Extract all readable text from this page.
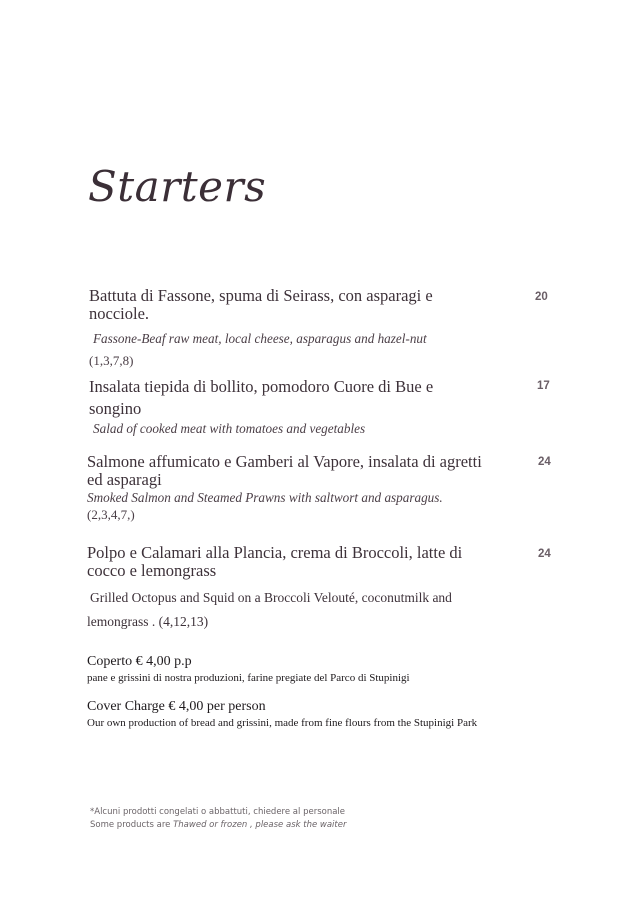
Starters
Battuta di Fassone, spuma di Seirass, con asparagi e nocciole.
Fassone-Beaf raw meat, local cheese, asparagus and hazel-nut
(1,3,7,8)
20
Insalata tiepida di bollito, pomodoro Cuore di Bue e songino
Salad of cooked meat with tomatoes and vegetables
17
Salmone affumicato e Gamberi al Vapore, insalata di agretti ed asparagi
Smoked Salmon and Steamed Prawns with saltwort and asparagus.
(2,3,4,7,)
24
Polpo e Calamari alla Plancia, crema di Broccoli, latte di cocco e lemongrass
Grilled Octopus and Squid on a Broccoli Velouté, coconutmilk and
lemongrass . (4,12,13)
24
Coperto € 4,00 p.p
pane e grissini di nostra produzioni, farine pregiate del Parco di Stupinigi
Cover Charge € 4,00 per person
Our own production of bread and grissini, made from fine flours from the Stupinigi Park
*Alcuni prodotti congelati o abbattuti, chiedere al personale
Some products are Thawed or frozen , please ask the waiter
